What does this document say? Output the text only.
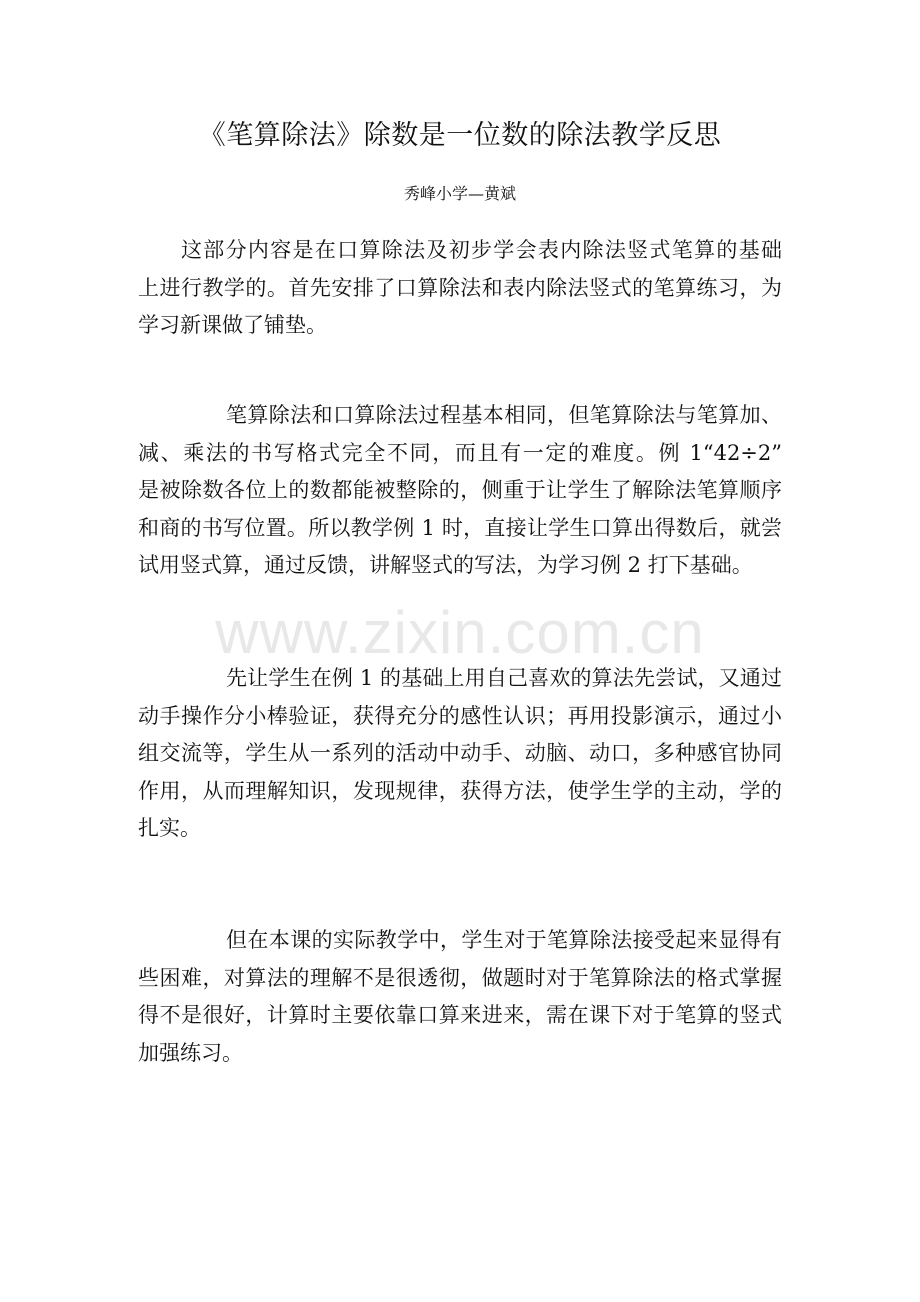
《笔算除法》除数是一位数的除法教学反思
秀峰小学—黄斌
这部分内容是在口算除法及初步学会表内除法竖式笔算的基础
上进行教学的。首先安排了口算除法和表内除法竖式的笔算练习，为
学习新课做了铺垫。
笔算除法和口算除法过程基本相同，但笔算除法与笔算加、
减、乘法的书写格式完全不同，而且有一定的难度。例 1“42÷2”
是被除数各位上的数都能被整除的，侧重于让学生了解除法笔算顺序
和商的书写位置。所以教学例 1 时，直接让学生口算出得数后，就尝
试用竖式算，通过反馈，讲解竖式的写法，为学习例 2 打下基础。
先让学生在例 1 的基础上用自己喜欢的算法先尝试，又通过
动手操作分小棒验证，获得充分的感性认识；再用投影演示，通过小
组交流等，学生从一系列的活动中动手、动脑、动口，多种感官协同
作用，从而理解知识，发现规律，获得方法，使学生学的主动，学的
扎实。
但在本课的实际教学中，学生对于笔算除法接受起来显得有
些困难，对算法的理解不是很透彻，做题时对于笔算除法的格式掌握
得不是很好，计算时主要依靠口算来进来，需在课下对于笔算的竖式
加强练习。
www.zixin.com.cn
